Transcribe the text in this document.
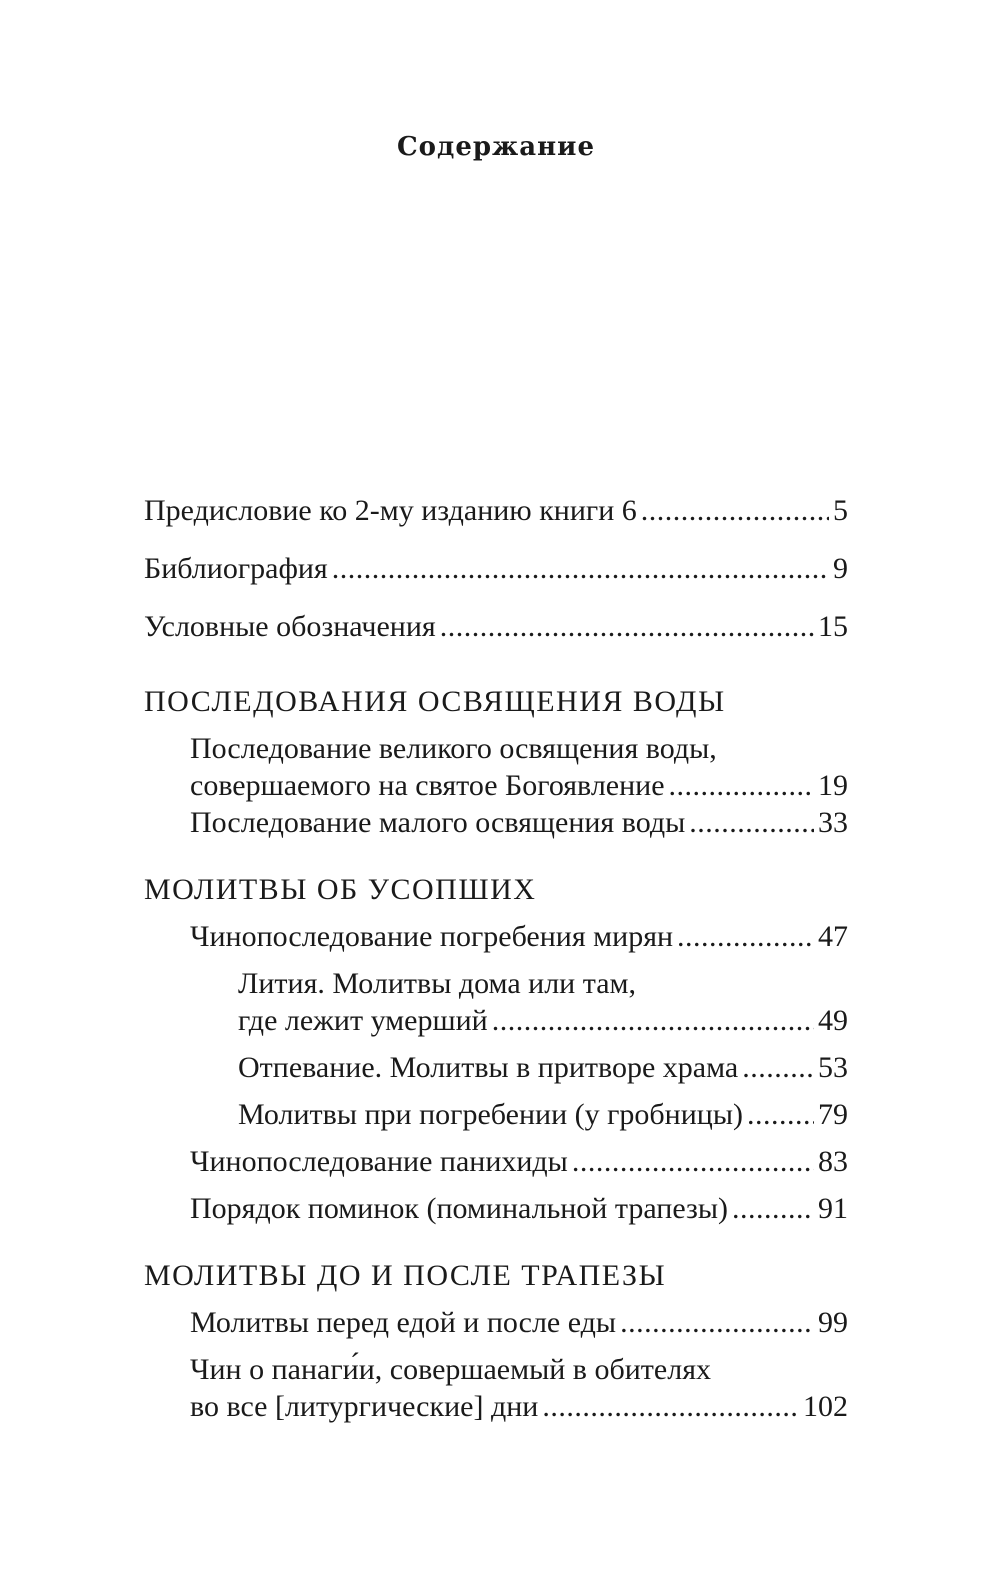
Содержание
Предисловие ко 2-му изданию книги 6 .....	5
Библиография .....	9
Условные обозначения .....	15
ПОСЛЕДОВАНИЯ ОСВЯЩЕНИЯ ВОДЫ
Последование великого освящения воды,
совершаемого на святое Богоявление .....	19
Последование малого освящения воды .....	33
МОЛИТВЫ ОБ УСОПШИХ
Чинопоследование погребения мирян .....	47
Лития. Молитвы дома или там,
где лежит умерший .....	49
Отпевание. Молитвы в притворе храма .....	53
Молитвы при погребении (у гробницы) .....	79
Чинопоследование панихиды .....	83
Порядок поминок (поминальной трапезы) .....	91
МОЛИТВЫ ДО И ПОСЛЕ ТРАПЕЗЫ
Молитвы перед едой и после еды .....	99
Чин о панаги́и, совершаемый в обителях
во все [литургические] дни .....	102
